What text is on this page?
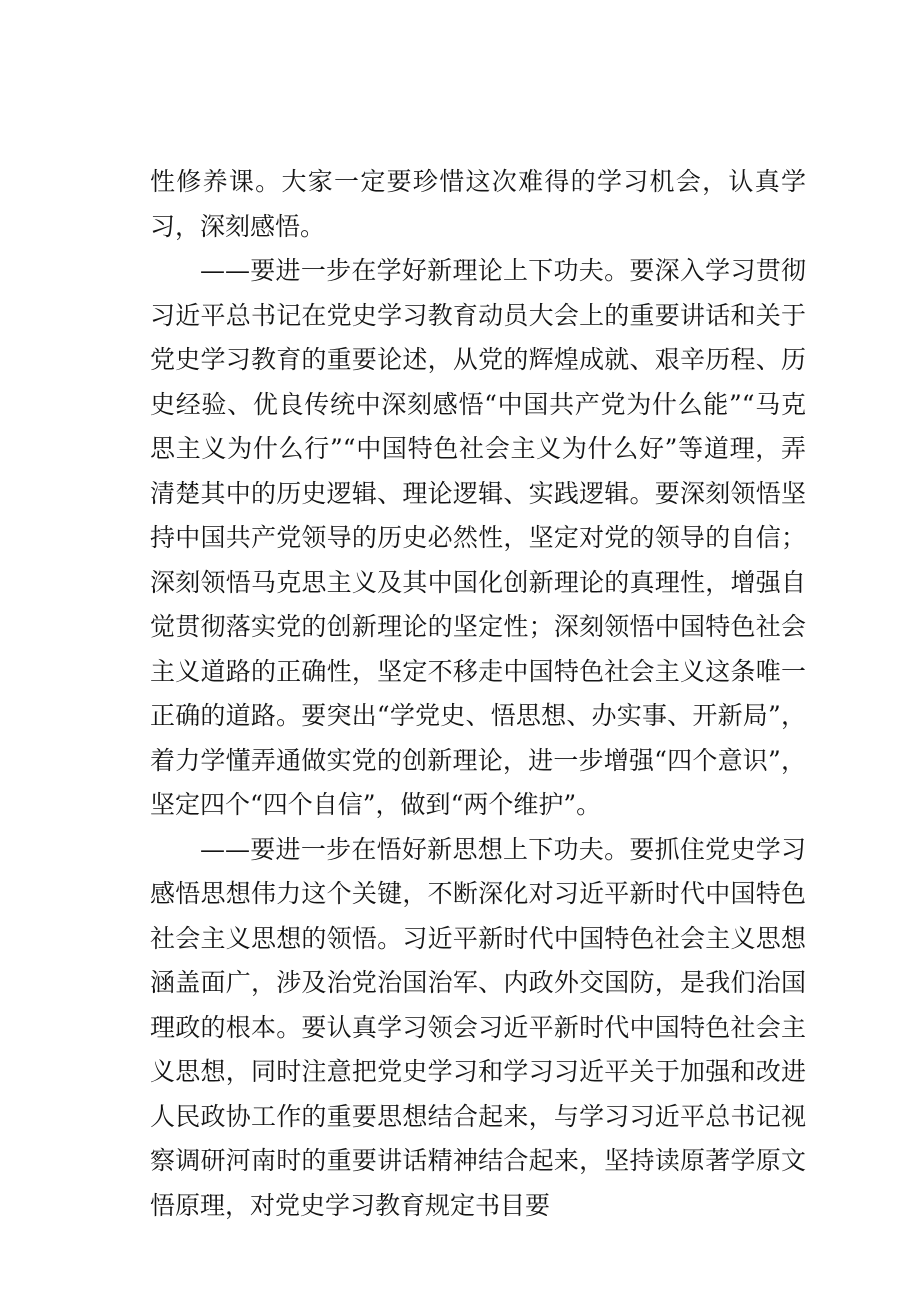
性修养课。大家一定要珍惜这次难得的学习机会，认真学习，深刻感悟。

——要进一步在学好新理论上下功夫。要深入学习贯彻习近平总书记在党史学习教育动员大会上的重要讲话和关于党史学习教育的重要论述，从党的辉煌成就、艰辛历程、历史经验、优良传统中深刻感悟“中国共产党为什么能”“马克思主义为什么行”“中国特色社会主义为什么好”等道理，弄清楚其中的历史逻辑、理论逻辑、实践逻辑。要深刻领悟坚持中国共产党领导的历史必然性，坚定对党的领导的自信；深刻领悟马克思主义及其中国化创新理论的真理性，增强自觉贯彻落实党的创新理论的坚定性；深刻领悟中国特色社会主义道路的正确性，坚定不移走中国特色社会主义这条唯一正确的道路。要突出“学党史、悟思想、办实事、开新局”，着力学懂弄通做实党的创新理论，进一步增强“四个意识”，坚定四个“四个自信”，做到“两个维护”。

——要进一步在悟好新思想上下功夫。要抓住党史学习感悟思想伟力这个关键，不断深化对习近平新时代中国特色社会主义思想的领悟。习近平新时代中国特色社会主义思想涵盖面广，涉及治党治国治军、内政外交国防，是我们治国理政的根本。要认真学习领会习近平新时代中国特色社会主义思想，同时注意把党史学习和学习习近平关于加强和改进人民政协工作的重要思想结合起来，与学习习近平总书记视察调研河南时的重要讲话精神结合起来，坚持读原著学原文悟原理，对党史学习教育规定书目要
